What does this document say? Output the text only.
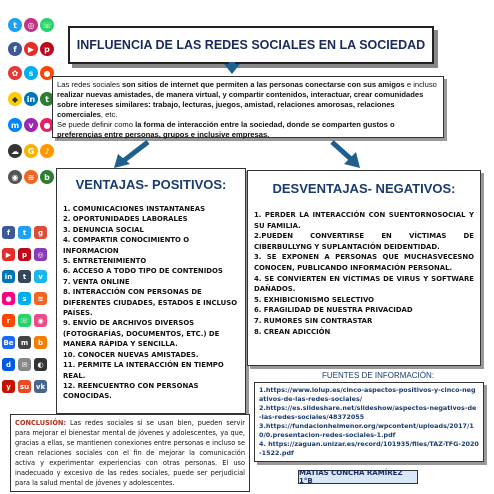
t	◎ ☏
f	▶	p
✿	s	●
◆	in	t
m	v	●
☁	G	♪
◉	≋	b
f	t	g
▶	p	◎
in	t	v
●	s	≋
r	☏	◉
Be	m	b
d	✉	◐
y	su vk
INFLUENCIA DE LAS REDES SOCIALES EN LA SOCIEDAD
Las redes sociales son sitios de internet que permiten a las personas conectarse con sus amigos e incluso realizar nuevas amistades, de manera virtual, y compartir contenidos, interactuar, crear comunidades sobre intereses similares: trabajo, lecturas, juegos, amistad, relaciones amorosas, relaciones comerciales, etc.
Se puede definir como la forma de interacción entre la sociedad, donde se comparten gustos o preferencias entre personas, grupos e inclusive empresas.
VENTAJAS- POSITIVOS:
1. COMUNICACIONES INSTANTANEAS
2. OPORTUNIDADES LABORALES
3. DENUNCIA SOCIAL
4. COMPARTIR CONOCIMIENTO O INFORMACION
5. ENTRETENIMIENTO
6. ACCESO A TODO TIPO DE CONTENIDOS
7. VENTA ONLINE
8. INTERACCIÓN CON PERSONAS DE DIFERENTES CIUDADES, ESTADOS E INCLUSO PAÍSES.
9. ENVÍO DE ARCHIVOS DIVERSOS (FOTOGRAFÍAS, DOCUMENTOS, ETC.) DE MANERA RÁPIDA Y SENCILLA.
10. CONOCER NUEVAS AMISTADES.
11. PERMITE LA INTERACCIÓN EN TIEMPO REAL.
12. REENCUENTRO CON PERSONAS CONOCIDAS.
DESVENTAJAS- NEGATIVOS:
1. PERDER LA INTERACCIÓN CON SUENTORNOSOCIAL Y SU FAMILIA.
2.PUEDEN CONVERTIRSE EN VÍCTIMAS DE CIBERBULLYNG Y SUPLANTACIÓN DEIDENTIDAD.
3. SE EXPONEN A PERSONAS QUE MUCHASVECESNO CONOCEN, PUBLICANDO INFORMACIÓN PERSONAL.
4. SE CONVIERTEN EN VÍCTIMAS DE VIRUS Y SOFTWARE DAÑADOS.
5. EXHIBICIONISMO SELECTIVO
6. FRAGILIDAD DE NUESTRA PRIVACIDAD
7. RUMORES SIN CONTRASTAR
8. CREAN ADICCIÓN
FUENTES DE INFORMACIÓN:
1.https://www.lolup.es/cinco-aspectos-positivos-y-cinco-negativos-de-las-redes-sociales/
2.https://es.slideshare.net/slideshow/aspectos-negativos-de-las-redes-sociales/48372055
3.https://fundacionhelmenor.org/wpcontent/uploads/2017/10/0.presentacion-redes-sociales-1.pdf
4. https://zaguan.unizar.es/record/101935/files/TAZ-TFG-2020-1522.pdf
CONCLUSIÓN: Las redes sociales si se usan bien, pueden servir para mejorar el bienestar mental de jóvenes y adolescentes, ya que, gracias a ellas, se mantienen conexiones entre personas e incluso se crean relaciones sociales con el fin de mejorar la comunicación activa y experimentar experiencias con otras personas. El uso inadecuado y excesivo de las redes sociales, puede ser perjudicial para la salud mental de jóvenes y adolescentes.
MATIAS CONCHA RAMÍREZ 1°B
